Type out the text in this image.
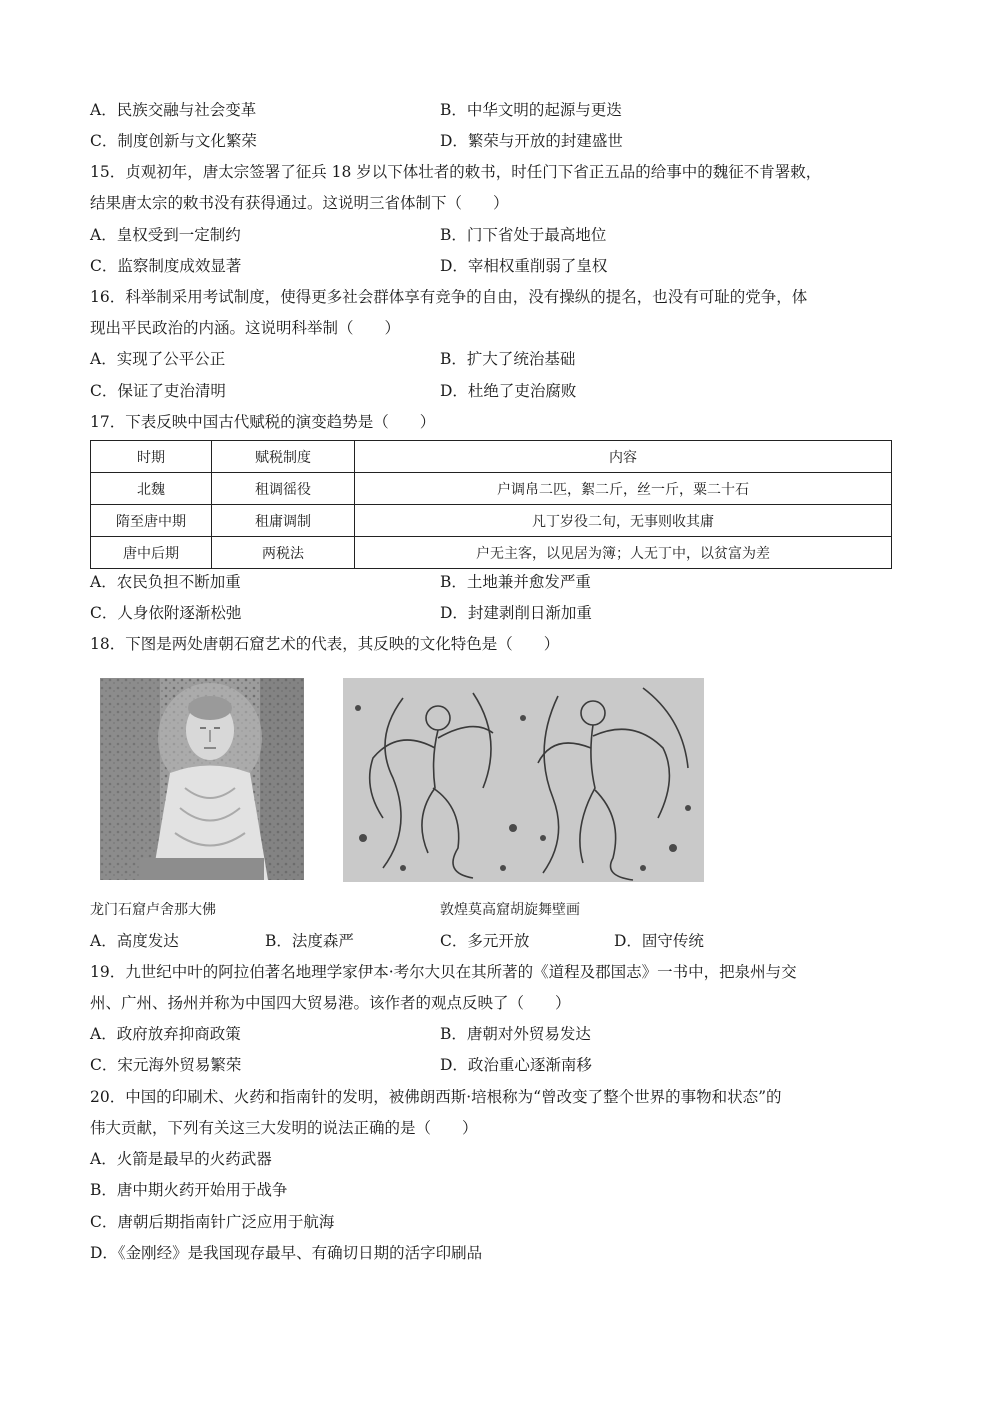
A．民族交融与社会变革	B．中华文明的起源与更迭
C．制度创新与文化繁荣	D．繁荣与开放的封建盛世
15．贞观初年，唐太宗签署了征兵 18 岁以下体壮者的敕书，时任门下省正五品的给事中的魏征不肯署敕，
结果唐太宗的敕书没有获得通过。这说明三省体制下（　　）
A．皇权受到一定制约	B．门下省处于最高地位
C．监察制度成效显著	D．宰相权重削弱了皇权
16．科举制采用考试制度，使得更多社会群体享有竞争的自由，没有操纵的提名，也没有可耻的党争，体
现出平民政治的内涵。这说明科举制（　　）
A．实现了公平公正	B．扩大了统治基础
C．保证了吏治清明	D．杜绝了吏治腐败
17．下表反映中国古代赋税的演变趋势是（　　）
时期	赋税制度	内容
北魏	租调徭役	户调帛二匹，絮二斤，丝一斤，粟二十石
隋至唐中期	租庸调制	凡丁岁役二旬，无事则收其庸
唐中后期	两税法	户无主客，以见居为簿；人无丁中，以贫富为差
A．农民负担不断加重	B．土地兼并愈发严重
C．人身依附逐渐松弛	D．封建剥削日渐加重
18．下图是两处唐朝石窟艺术的代表，其反映的文化特色是（　　）
龙门石窟卢舍那大佛	敦煌莫高窟胡旋舞壁画
A．高度发达	B．法度森严	C．多元开放	D．固守传统
19．九世纪中叶的阿拉伯著名地理学家伊本·考尔大贝在其所著的《道程及郡国志》一书中，把泉州与交
州、广州、扬州并称为中国四大贸易港。该作者的观点反映了（　　）
A．政府放弃抑商政策	B．唐朝对外贸易发达
C．宋元海外贸易繁荣	D．政治重心逐渐南移
20．中国的印刷术、火药和指南针的发明，被佛朗西斯·培根称为“曾改变了整个世界的事物和状态”的
伟大贡献，下列有关这三大发明的说法正确的是（　　）
A．火箭是最早的火药武器
B．唐中期火药开始用于战争
C．唐朝后期指南针广泛应用于航海
D．《金刚经》是我国现存最早、有确切日期的活字印刷品
